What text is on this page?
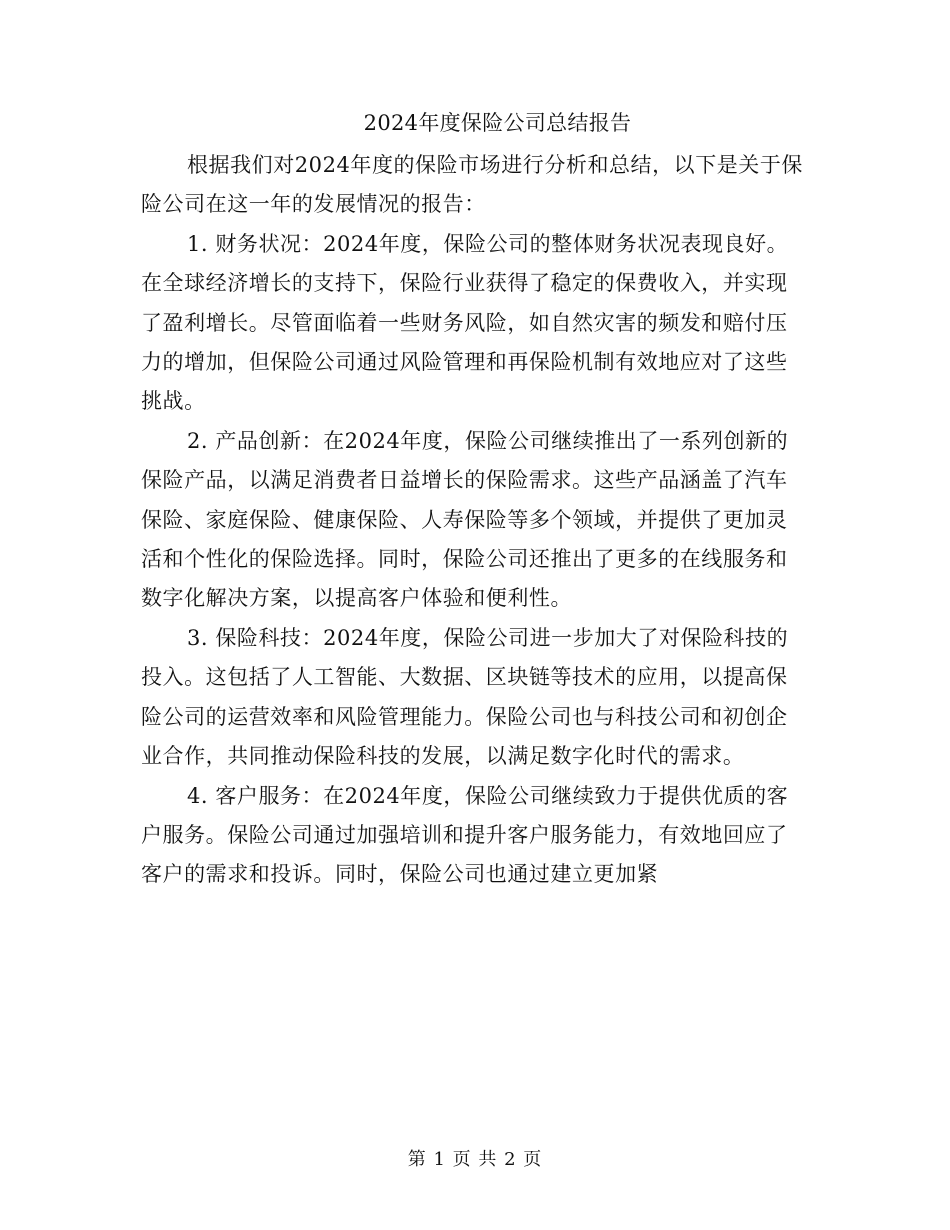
2024年度保险公司总结报告

根据我们对2024年度的保险市场进行分析和总结，以下是关于保险公司在这一年的发展情况的报告：

1. 财务状况：2024年度，保险公司的整体财务状况表现良好。在全球经济增长的支持下，保险行业获得了稳定的保费收入，并实现了盈利增长。尽管面临着一些财务风险，如自然灾害的频发和赔付压力的增加，但保险公司通过风险管理和再保险机制有效地应对了这些挑战。

2. 产品创新：在2024年度，保险公司继续推出了一系列创新的保险产品，以满足消费者日益增长的保险需求。这些产品涵盖了汽车保险、家庭保险、健康保险、人寿保险等多个领域，并提供了更加灵活和个性化的保险选择。同时，保险公司还推出了更多的在线服务和数字化解决方案，以提高客户体验和便利性。

3. 保险科技：2024年度，保险公司进一步加大了对保险科技的投入。这包括了人工智能、大数据、区块链等技术的应用，以提高保险公司的运营效率和风险管理能力。保险公司也与科技公司和初创企业合作，共同推动保险科技的发展，以满足数字化时代的需求。

4. 客户服务：在2024年度，保险公司继续致力于提供优质的客户服务。保险公司通过加强培训和提升客户服务能力，有效地回应了客户的需求和投诉。同时，保险公司也通过建立更加紧

第 1 页 共 2 页
